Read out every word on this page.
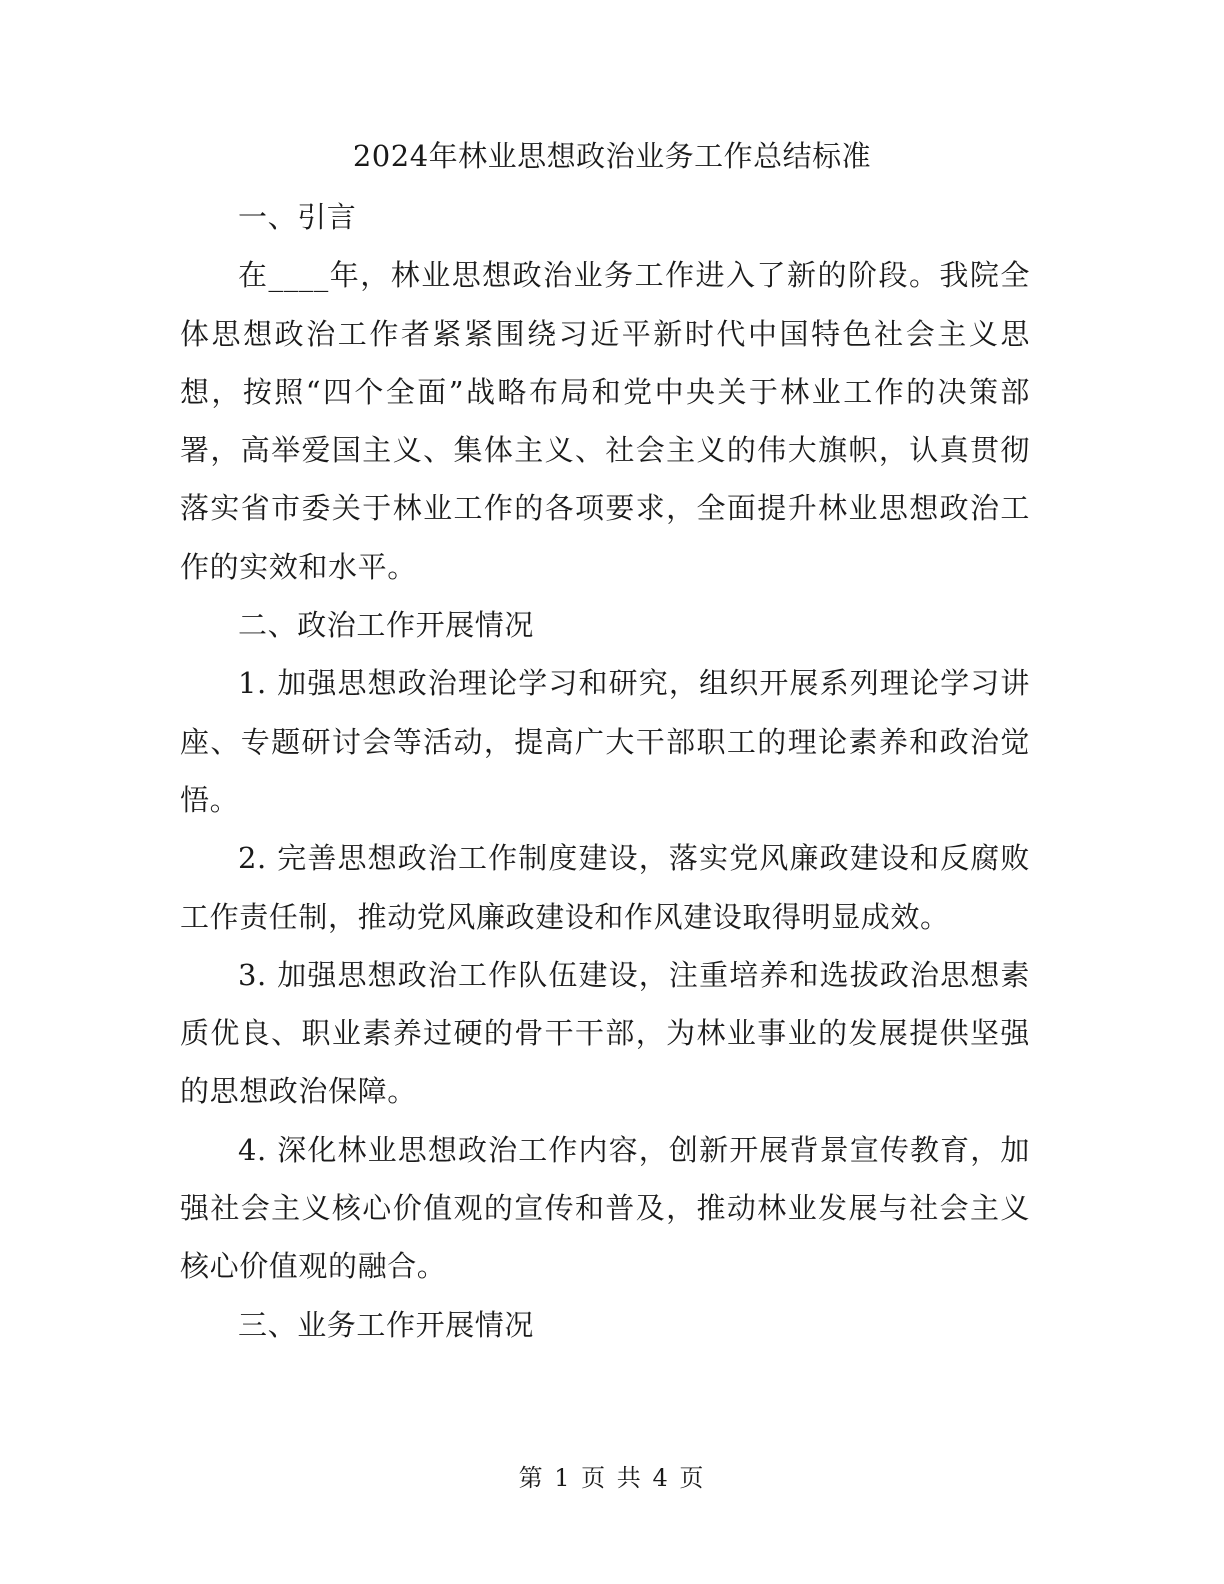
2024年林业思想政治业务工作总结标准

一、引言

在____年，林业思想政治业务工作进入了新的阶段。我院全体思想政治工作者紧紧围绕习近平新时代中国特色社会主义思想，按照“四个全面”战略布局和党中央关于林业工作的决策部署，高举爱国主义、集体主义、社会主义的伟大旗帜，认真贯彻落实省市委关于林业工作的各项要求，全面提升林业思想政治工作的实效和水平。

二、政治工作开展情况

1. 加强思想政治理论学习和研究，组织开展系列理论学习讲座、专题研讨会等活动，提高广大干部职工的理论素养和政治觉悟。

2. 完善思想政治工作制度建设，落实党风廉政建设和反腐败工作责任制，推动党风廉政建设和作风建设取得明显成效。

3. 加强思想政治工作队伍建设，注重培养和选拔政治思想素质优良、职业素养过硬的骨干干部，为林业事业的发展提供坚强的思想政治保障。

4. 深化林业思想政治工作内容，创新开展背景宣传教育，加强社会主义核心价值观的宣传和普及，推动林业发展与社会主义核心价值观的融合。

三、业务工作开展情况

第 1 页 共 4 页
